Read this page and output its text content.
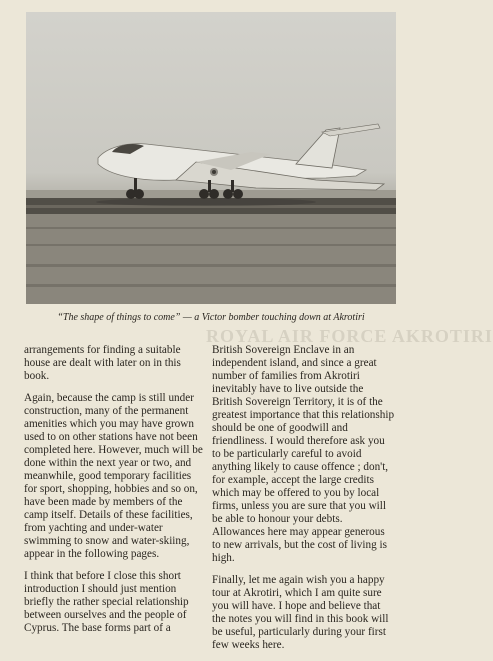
“The shape of things to come” — a Victor bomber touching down at Akrotiri
ROYAL AIR FORCE AKROTIRI

arrangements for finding a suitable house are dealt with later on in this book.

Again, because the camp is still under construction, many of the permanent amenities which you may have grown used to on other stations have not been completed here. However, much will be done within the next year or two, and meanwhile, good temporary facilities for sport, shopping, hobbies and so on, have been made by members of the camp itself. Details of these facilities, from yachting and under-water swimming to snow and water-skiing, appear in the following pages.

I think that before I close this short introduction I should just mention briefly the rather special relationship between ourselves and the people of Cyprus. The base forms part of a

British Sovereign Enclave in an independent island, and since a great number of families from Akrotiri inevitably have to live outside the British Sovereign Territory, it is of the greatest importance that this relationship should be one of goodwill and friendliness. I would therefore ask you to be particularly careful to avoid anything likely to cause offence ; don't, for example, accept the large credits which may be offered to you by local firms, unless you are sure that you will be able to honour your debts. Allowances here may appear generous to new arrivals, but the cost of living is high.

Finally, let me again wish you a happy tour at Akrotiri, which I am quite sure you will have. I hope and believe that the notes you will find in this book will be useful, particularly during your first few weeks here.
